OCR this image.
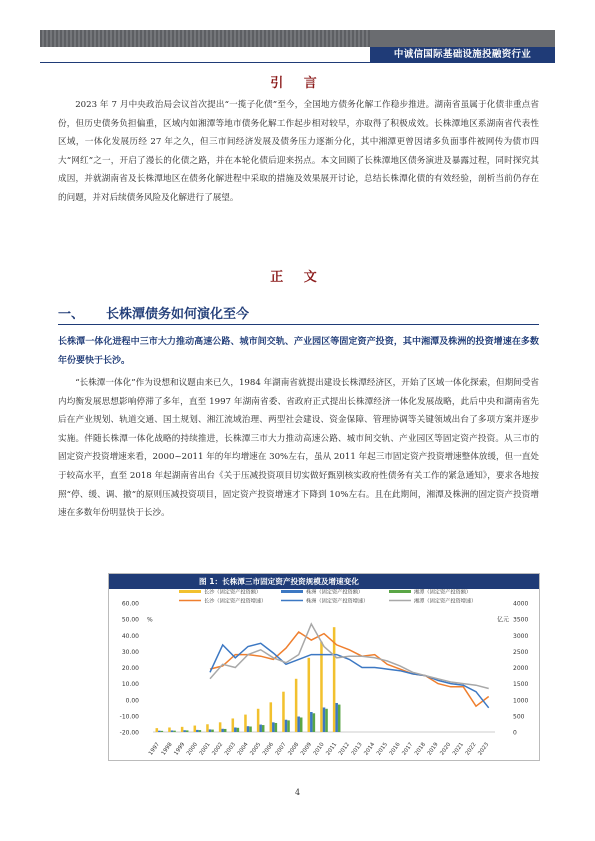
中诚信国际基础设施投融资行业
引 言
2023 年 7 月中央政治局会议首次提出“一揽子化债”至今，全国地方债务化解工作稳步推进。湖南省虽属于化债非重点省份，但历史债务负担偏重，区域内如湘潭等地市债务化解工作起步相对较早，亦取得了积极成效。长株潭地区系湖南省代表性区域，一体化发展历经 27 年之久，但三市间经济发展及债务压力逐渐分化，其中湘潭更曾因诸多负面事件被网传为债市四大“网红”之一，开启了漫长的化债之路，并在本轮化债后迎来拐点。本文回顾了长株潭地区债务演进及暴露过程，同时探究其成因，并就湖南省及长株潭地区在债务化解进程中采取的措施及效果展开讨论，总结长株潭化债的有效经验，剖析当前仍存在的问题，并对后续债务风险及化解进行了展望。
正 文
一、 长株潭债务如何演化至今
长株潭一体化进程中三市大力推动高速公路、城市间交轨、产业园区等固定资产投资，其中湘潭及株洲的投资增速在多数年份要快于长沙。
“长株潭一体化”作为设想和议题由来已久，1984 年湖南省就提出建设长株潭经济区，开始了区域一体化探索，但期间受省内均衡发展思想影响停滞了多年，直至 1997 年湖南省委、省政府正式提出长株潭经济一体化发展战略，此后中央和湖南省先后在产业规划、轨道交通、国土规划、湘江流域治理、两型社会建设、资金保障、管理协调等关键领域出台了多项方案并逐步实施。伴随长株潭一体化战略的持续推进，长株潭三市大力推动高速公路、城市间交轨、产业园区等固定资产投资。从三市的固定资产投资增速来看，2000~2011 年的年均增速在 30%左右，虽从 2011 年起三市固定资产投资增速整体放缓，但一直处于较高水平，直至 2018 年起湖南省出台《关于压减投资项目切实做好甄别核实政府性债务有关工作的紧急通知》，要求各地按照“停、缓、调、撤”的原则压减投资项目，固定资产投资增速才下降到 10%左右。且在此期间，湘潭及株洲的固定资产投资增速在多数年份明显快于长沙。
图 1：长株潭三市固定资产投资规模及增速变化
60.00
50.00
40.00
30.00
20.00
10.00
0.00
-10.00
-20.00
%
4000
3500
3000
2500
2000
1500
1000
500
0
亿元
1997 1998 1999 2000 2001 2002 2003 2004 2005 2006 2007 2008 2009 2010 2011 2012 2013 2014 2015 2016 2017 2018 2019 2020 2021 2022 2023
长沙（固定资产投资额）	株洲（固定资产投资额）	湘潭（固定资产投资额）
长沙（固定资产投资增速）	株洲（固定资产投资增速）	湘潭（固定资产投资增速）
4
